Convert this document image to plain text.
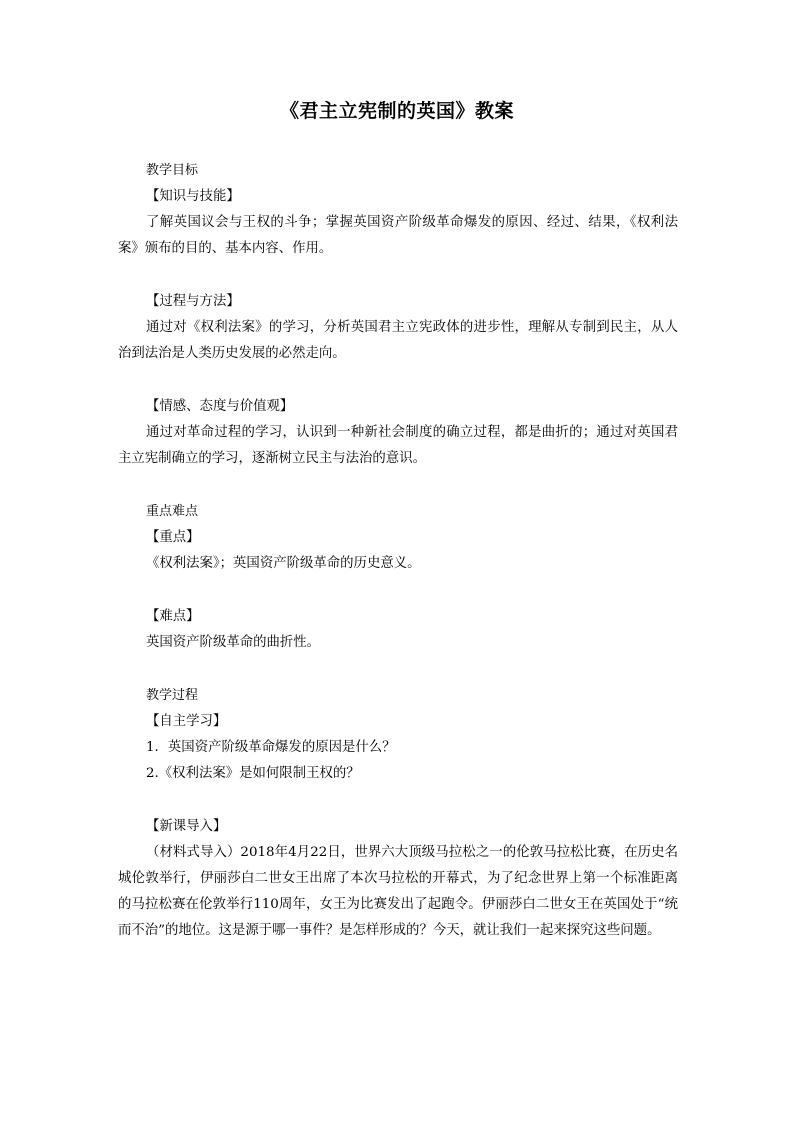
《君主立宪制的英国》教案
教学目标
【知识与技能】
了解英国议会与王权的斗争；掌握英国资产阶级革命爆发的原因、经过、结果，《权利法案》颁布的目的、基本内容、作用。
【过程与方法】
通过对《权利法案》的学习，分析英国君主立宪政体的进步性，理解从专制到民主，从人治到法治是人类历史发展的必然走向。
【情感、态度与价值观】
通过对革命过程的学习，认识到一种新社会制度的确立过程，都是曲折的；通过对英国君主立宪制确立的学习，逐渐树立民主与法治的意识。
重点难点
【重点】
《权利法案》；英国资产阶级革命的历史意义。
【难点】
英国资产阶级革命的曲折性。
教学过程
【自主学习】
1．英国资产阶级革命爆发的原因是什么？
2.《权利法案》是如何限制王权的？
【新课导入】
（材料式导入）2018年4月22日，世界六大顶级马拉松之一的伦敦马拉松比赛，在历史名城伦敦举行，伊丽莎白二世女王出席了本次马拉松的开幕式，为了纪念世界上第一个标准距离的马拉松赛在伦敦举行110周年，女王为比赛发出了起跑令。伊丽莎白二世女王在英国处于“统而不治”的地位。这是源于哪一事件？是怎样形成的？今天，就让我们一起来探究这些问题。
